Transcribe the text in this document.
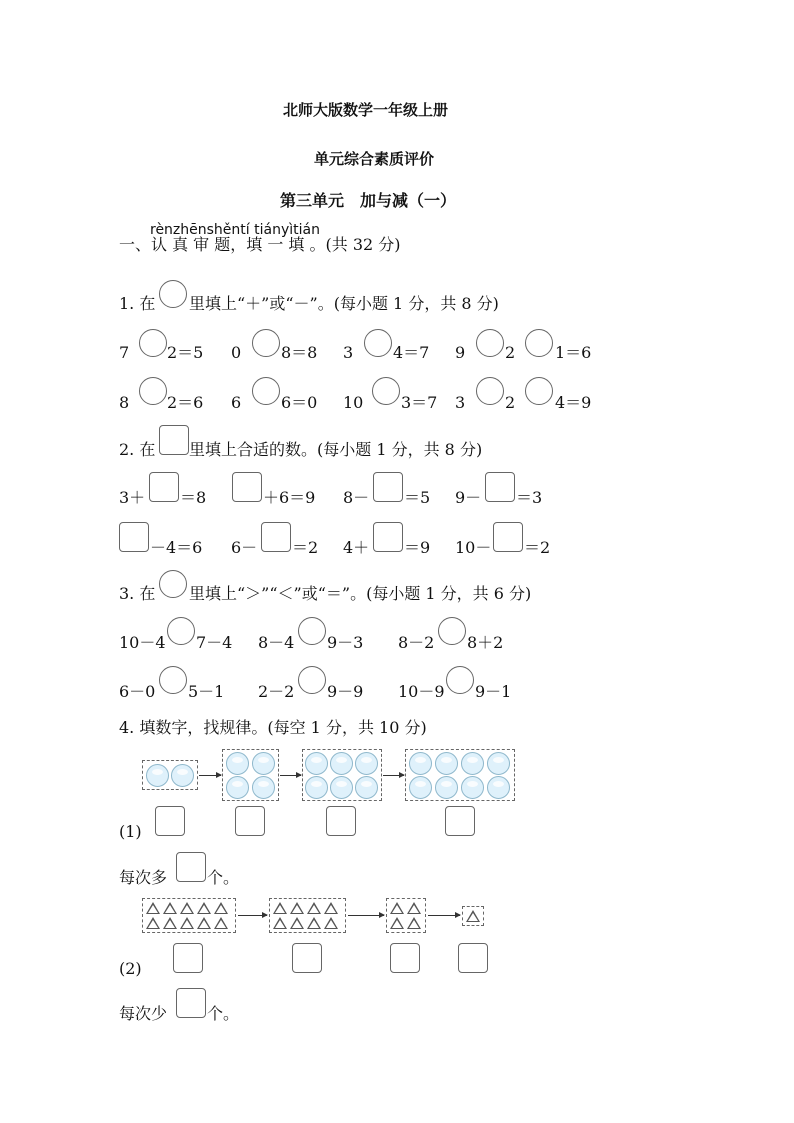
北师大版数学一年级上册
单元综合素质评价
第三单元　加与减（一）
rènzhēnshěntí tiányìtián
一、认 真 审 题，填 一 填 。(共 32 分)
1. 在 里填上“＋”或“－”。(每小题 1 分，共 8 分)
7 2＝5 0 8＝8 3 4＝7 9 2 1＝6
8 2＝6 6 6＝0 10 3＝7 3 2 4＝9
2. 在 里填上合适的数。(每小题 1 分，共 8 分)
3＋ ＝8	＋6＝9 8－ ＝5 9－ ＝3
－4＝6 6－ ＝2 4＋ ＝9 10－ ＝2
3. 在 里填上“＞”“＜”或“＝”。(每小题 1 分，共 6 分)
10－4 7－4 8－4 9－3 8－2 8＋2
6－0 5－1 2－2 9－9 10－9 9－1
4. 填数字，找规律。(每空 1 分，共 10 分)
(1)
每次多 个。
(2)
每次少 个。
